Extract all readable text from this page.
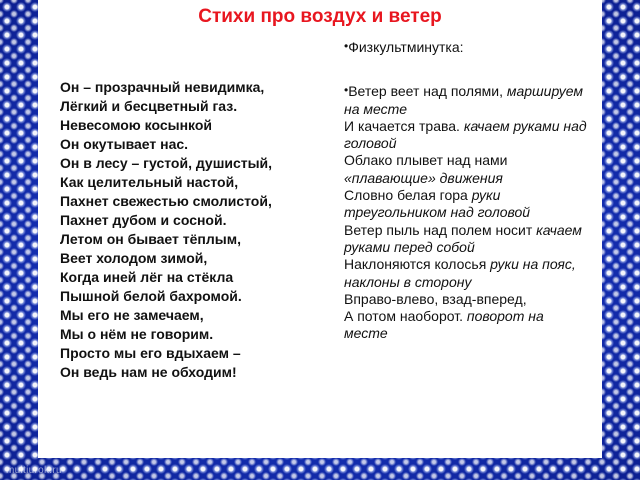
Стихи про воздух и ветер
Он – прозрачный невидимка,
Лёгкий и бесцветный газ.
Невесомою косынкой
Он окутывает нас.
Он в лесу – густой, душистый,
Как целительный настой,
Пахнет свежестью смолистой,
Пахнет дубом и сосной.
Летом он бывает тёплым,
Веет холодом зимой,
Когда иней лёг на стёкла
Пышной белой бахромой.
Мы его не замечаем,
Мы о нём не говорим.
Просто мы его вдыхаем –
Он ведь нам не обходим!
•Физкультминутка:
•Ветер веет над полями, маршируем на месте
И качается трава. качаем руками над головой
Облако плывет над нами «плавающие» движения
Словно белая гора руки треугольником над головой
Ветер пыль над полем носит качаем руками перед собой
Наклоняются колосья руки на пояс, наклоны в сторону
Вправо-влево, взад-вперед,
А потом наоборот. поворот на месте
multiurok.ru
